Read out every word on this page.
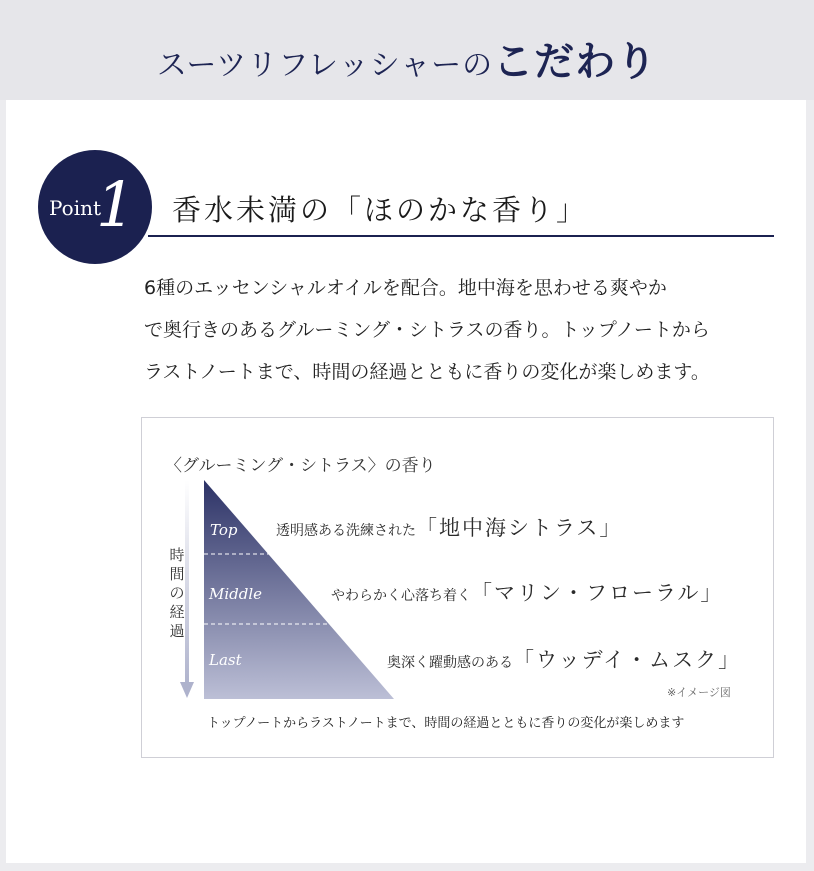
スーツリフレッシャーのこだわり
Point
1 香水未満の「ほのかな香り」
6種のエッセンシャルオイルを配合。地中海を思わせる爽やか
で奥行きのあるグルーミング・シトラスの香り。トップノートから
ラストノートまで、時間の経過とともに香りの変化が楽しめます。
〈グルーミング・シトラス〉の香り
時
間
の
経
過
Top
Middle
Last
透明感ある洗練された「地中海シトラス」
やわらかく心落ち着く「マリン・フローラル」
奥深く躍動感のある「ウッデイ・ムスク」
※イメージ図
トップノートからラストノートまで、時間の経過とともに香りの変化が楽しめます
